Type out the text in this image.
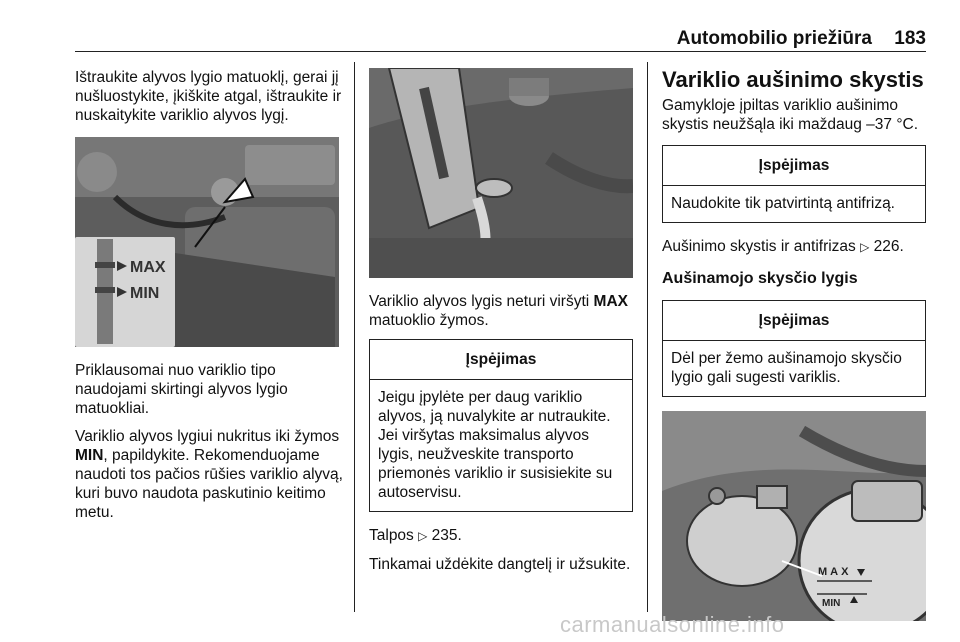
Automobilio priežiūra 183

Ištraukite alyvos lygio matuoklį, gerai jį nušluostykite, įkiškite atgal, ištraukite ir nuskaitykite variklio alyvos lygį.

MAX
MIN

Priklausomai nuo variklio tipo naudojami skirtingi alyvos lygio matuokliai.

Variklio alyvos lygiui nukritus iki žymos MIN, papildykite. Rekomenduojame naudoti tos pačios rūšies variklio alyvą, kuri buvo naudota paskutinio keitimo metu.

Variklio alyvos lygis neturi viršyti MAX matuoklio žymos.

Įspėjimas
Jeigu įpylėte per daug variklio alyvos, ją nuvalykite ar nutraukite. Jei viršytas maksimalus alyvos lygis, neužveskite transporto priemonės variklio ir susisiekite su autoservisu.

Talpos ▷ 235.

Tinkamai uždėkite dangtelį ir užsukite.

Variklio aušinimo skystis

Gamykloje įpiltas variklio aušinimo skystis neužšąla iki maždaug –37 °C.

Įspėjimas
Naudokite tik patvirtintą antifrizą.

Aušinimo skystis ir antifrizas ▷ 226.

Aušinamojo skysčio lygis
Įspėjimas
Dėl per žemo aušinamojo skysčio lygio gali sugesti variklis.
MAX
MIN
carmanualsonline.info
